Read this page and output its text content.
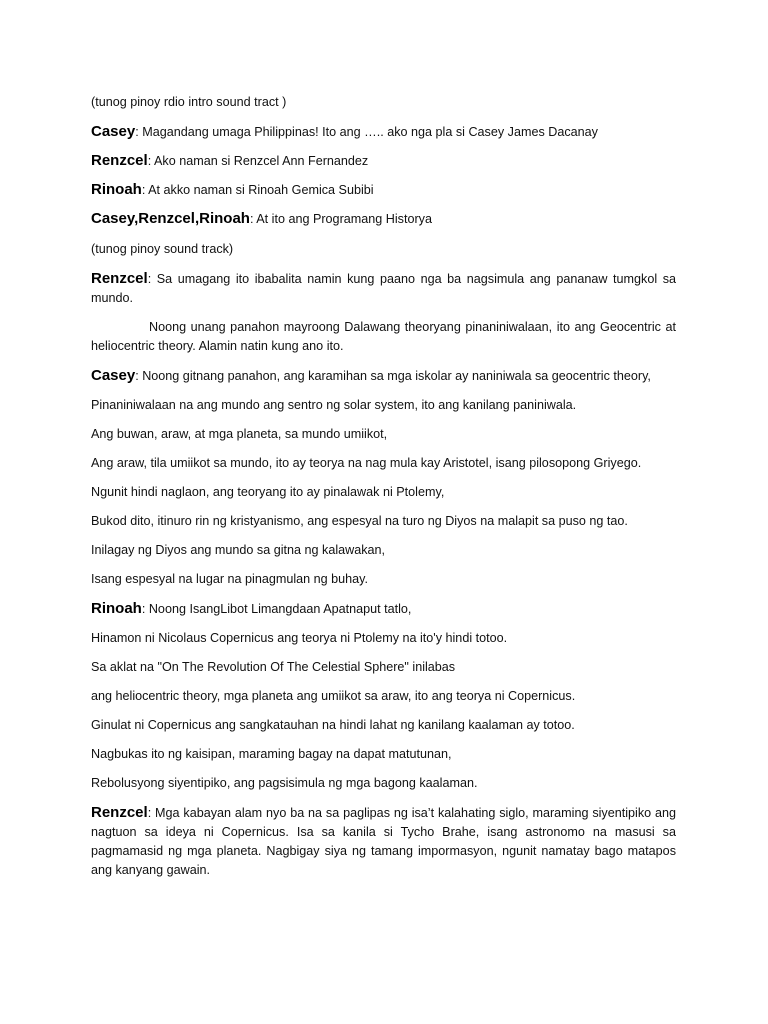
(tunog pinoy rdio intro sound tract )

Casey: Magandang umaga Philippinas! Ito ang ….. ako nga pla si Casey James Dacanay

Renzcel: Ako naman si Renzcel Ann Fernandez

Rinoah: At akko naman si Rinoah Gemica Subibi

Casey,Renzcel,Rinoah: At ito ang Programang Historya

(tunog pinoy sound track)

Renzcel: Sa umagang ito ibabalita namin kung paano nga ba nagsimula ang pananaw tumgkol sa mundo.

Noong unang panahon mayroong Dalawang theoryang pinaniniwalaan, ito ang Geocentric at heliocentric theory. Alamin natin kung ano ito.

Casey: Noong gitnang panahon, ang karamihan sa mga iskolar ay naniniwala sa geocentric theory,

Pinaniniwalaan na ang mundo ang sentro ng solar system, ito ang kanilang paniniwala.

Ang buwan, araw, at mga planeta, sa mundo umiikot,

Ang araw, tila umiikot sa mundo, ito ay teorya na nag mula kay Aristotel, isang pilosopong Griyego.

Ngunit hindi naglaon, ang teoryang ito ay pinalawak ni Ptolemy,

Bukod dito, itinuro rin ng kristyanismo, ang espesyal na turo ng Diyos na malapit sa puso ng tao.

Inilagay ng Diyos ang mundo sa gitna ng kalawakan,

Isang espesyal na lugar na pinagmulan ng buhay.

Rinoah: Noong IsangLibot Limangdaan Apatnaput tatlo,

Hinamon ni Nicolaus Copernicus ang teorya ni Ptolemy na ito'y hindi totoo.

Sa aklat na "On The Revolution Of The Celestial Sphere" inilabas

ang heliocentric theory, mga planeta ang umiikot sa araw, ito ang teorya ni Copernicus.

Ginulat ni Copernicus ang sangkatauhan na hindi lahat ng kanilang kaalaman ay totoo.

Nagbukas ito ng kaisipan, maraming bagay na dapat matutunan,

Rebolusyong siyentipiko, ang pagsisimula ng mga bagong kaalaman.

Renzcel: Mga kabayan alam nyo ba na sa paglipas ng isa’t kalahating siglo, maraming siyentipiko ang nagtuon sa ideya ni Copernicus. Isa sa kanila si Tycho Brahe, isang astronomo na masusi sa pagmamasid ng mga planeta. Nagbigay siya ng tamang impormasyon, ngunit namatay bago matapos ang kanyang gawain.
